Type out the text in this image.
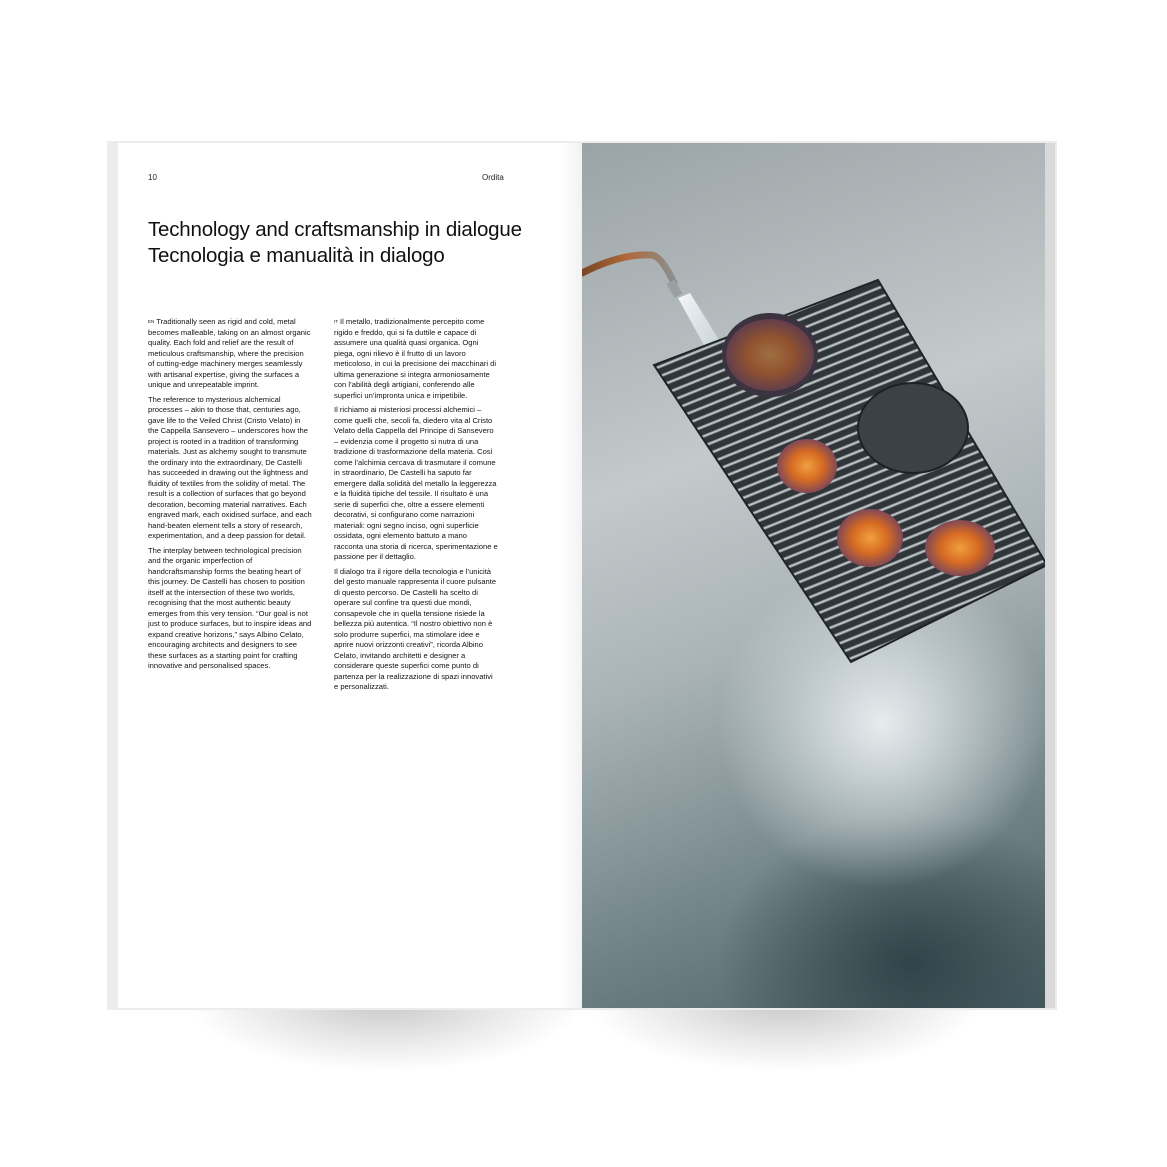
10	Ordita
Technology and craftsmanship in dialogue
Tecnologia e manualità in dialogo

$^{EN}$ Traditionally seen as rigid and cold, metal becomes malleable, taking on an almost organic quality. Each fold and relief are the result of meticulous craftsmanship, where the precision of cutting-edge machinery merges seamlessly with artisanal expertise, giving the surfaces a unique and unrepeatable imprint.

The reference to mysterious alchemical processes – akin to those that, centuries ago, gave life to the Veiled Christ (Cristo Velato) in the Cappella Sansevero – underscores how the project is rooted in a tradition of transforming materials. Just as alchemy sought to transmute the ordinary into the extraordinary, De Castelli has succeeded in drawing out the lightness and fluidity of textiles from the solidity of metal. The result is a collection of surfaces that go beyond decoration, becoming material narratives. Each engraved mark, each oxidised surface, and each hand-beaten element tells a story of research, experimentation, and a deep passion for detail.

The interplay between technological precision and the organic imperfection of handcraftsmanship forms the beating heart of this journey. De Castelli has chosen to position itself at the intersection of these two worlds, recognising that the most authentic beauty emerges from this very tension. “Our goal is not just to produce surfaces, but to inspire ideas and expand creative horizons,” says Albino Celato, encouraging architects and designers to see these surfaces as a starting point for crafting innovative and personalised spaces.

$^{IT}$ Il metallo, tradizionalmente percepito come rigido e freddo, qui si fa duttile e capace di assumere una qualità quasi organica. Ogni piega, ogni rilievo è il frutto di un lavoro meticoloso, in cui la precisione dei macchinari di ultima generazione si integra armoniosamente con l’abilità degli artigiani, conferendo alle superfici un’impronta unica e irripetibile.

Il richiamo ai misteriosi processi alchemici – come quelli che, secoli fa, diedero vita al Cristo Velato della Cappella del Principe di Sansevero – evidenzia come il progetto si nutra di una tradizione di trasformazione della materia. Così come l’alchimia cercava di trasmutare il comune in straordinario, De Castelli ha saputo far emergere dalla solidità del metallo la leggerezza e la fluidità tipiche del tessile. Il risultato è una serie di superfici che, oltre a essere elementi decorativi, si configurano come narrazioni materiali: ogni segno inciso, ogni superficie ossidata, ogni elemento battuto a mano racconta una storia di ricerca, sperimentazione e passione per il dettaglio.

Il dialogo tra il rigore della tecnologia e l’unicità del gesto manuale rappresenta il cuore pulsante di questo percorso. De Castelli ha scelto di operare sul confine tra questi due mondi, consapevole che in quella tensione risiede la bellezza più autentica. “Il nostro obiettivo non è solo produrre superfici, ma stimolare idee e aprire nuovi orizzonti creativi”, ricorda Albino Celato, invitando architetti e designer a considerare queste superfici come punto di partenza per la realizzazione di spazi innovativi e personalizzati.
